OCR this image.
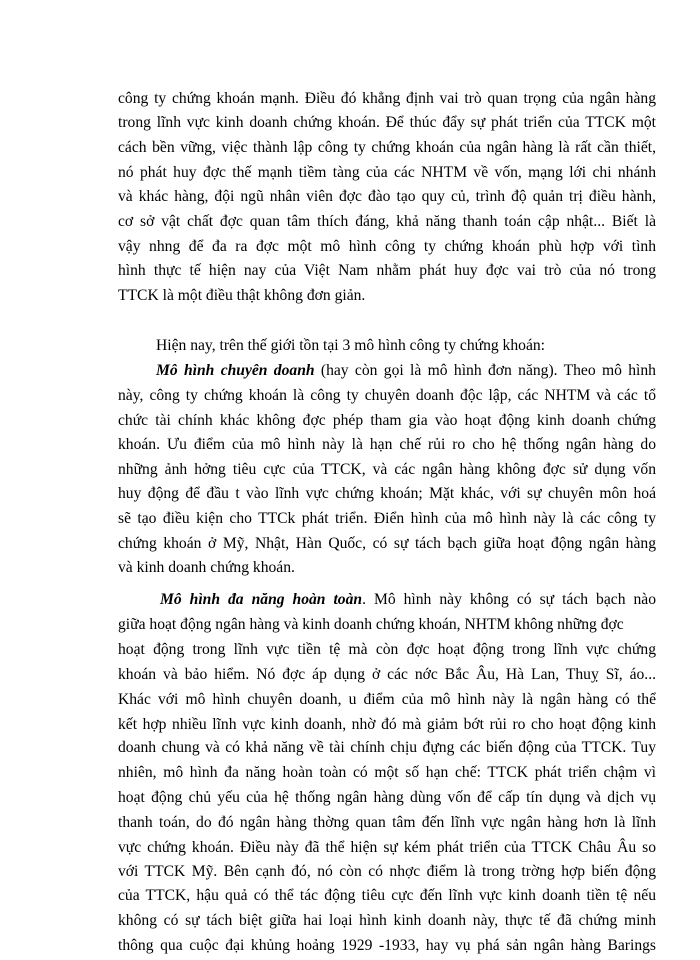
công ty chứng khoán mạnh. Điều đó khẳng định vai trò quan trọng của ngân hàng
trong lĩnh vực kinh doanh chứng khoán. Để thúc đẩy sự phát triển của TTCK một
cách bền vững, việc thành lập công ty chứng khoán của ngân hàng là rất cần thiết,
nó phát huy đợc thế mạnh tiềm tàng của các NHTM về vốn, mạng lới chi nhánh
và khác hàng, đội ngũ nhân viên đợc đào tạo quy củ, trình độ quản trị điều hành,
cơ sở vật chất đợc quan tâm thích đáng, khả năng thanh toán cập nhật... Biết là
vậy nhng để đa ra đợc một mô hình công ty chứng khoán phù hợp với tình
hình thực tế hiện nay của Việt Nam nhằm phát huy đợc vai trò của nó trong
TTCK là một điều thật không đơn giản.
Hiện nay, trên thế giới tồn tại 3 mô hình công ty chứng khoán:
Mô hình chuyên doanh (hay còn gọi là mô hình đơn năng). Theo mô hình
này, công ty chứng khoán là công ty chuyên doanh độc lập, các NHTM và các tổ
chức tài chính khác không đợc phép tham gia vào hoạt động kinh doanh chứng
khoán. Ưu điểm của mô hình này là hạn chế rủi ro cho hệ thống ngân hàng do
những ảnh hởng tiêu cực của TTCK, và các ngân hàng không đợc sử dụng vốn
huy động để đầu t vào lĩnh vực chứng khoán; Mặt khác, với sự chuyên môn hoá
sẽ tạo điều kiện cho TTCk phát triển. Điển hình của mô hình này là các công ty
chứng khoán ở Mỹ, Nhật, Hàn Quốc, có sự tách bạch giữa hoạt động ngân hàng
và kinh doanh chứng khoán.
Mô hình đa năng hoàn toàn. Mô hình này không có sự tách bạch nào
giữa hoạt động ngân hàng và kinh doanh chứng khoán, NHTM không những đợc
hoạt động trong lĩnh vực tiền tệ mà còn đợc hoạt động trong lĩnh vực chứng
khoán và bảo hiểm. Nó đợc áp dụng ở các nớc Bắc Âu, Hà Lan, Thuỵ Sĩ, áo...
Khác với mô hình chuyên doanh, u điểm của mô hình này là ngân hàng có thể
kết hợp nhiều lĩnh vực kinh doanh, nhờ đó mà giảm bớt rủi ro cho hoạt động kinh
doanh chung và có khả năng về tài chính chịu đựng các biến động của TTCK. Tuy
nhiên, mô hình đa năng hoàn toàn có một số hạn chế: TTCK phát triển chậm vì
hoạt động chủ yếu của hệ thống ngân hàng dùng vốn để cấp tín dụng và dịch vụ
thanh toán, do đó ngân hàng thờng quan tâm đến lĩnh vực ngân hàng hơn là lĩnh
vực chứng khoán. Điều này đã thể hiện sự kém phát triển của TTCK Châu Âu so
với TTCK Mỹ. Bên cạnh đó, nó còn có nhợc điểm là trong trờng hợp biến động
của TTCK, hậu quả có thể tác động tiêu cực đến lĩnh vực kinh doanh tiền tệ nếu
không có sự tách biệt giữa hai loại hình kinh doanh này, thực tế đã chứng minh
thông qua cuộc đại khủng hoảng 1929 -1933, hay vụ phá sản ngân hàng Barings
